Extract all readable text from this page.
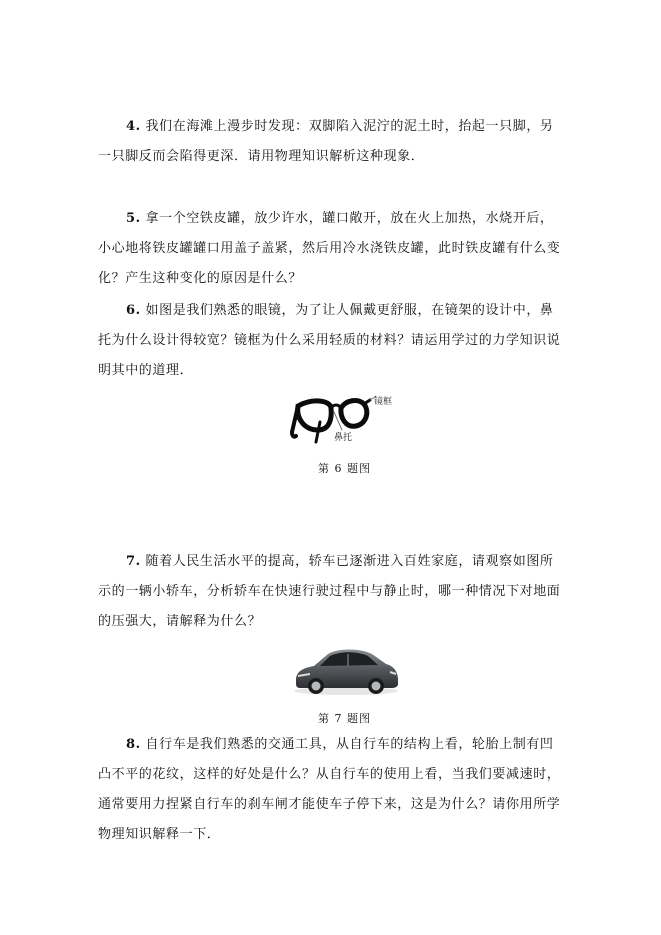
4. 我们在海滩上漫步时发现：双脚陷入泥泞的泥土时，抬起一只脚，另一只脚反而会陷得更深．请用物理知识解析这种现象．

5. 拿一个空铁皮罐，放少许水，罐口敞开，放在火上加热，水烧开后，小心地将铁皮罐罐口用盖子盖紧，然后用冷水浇铁皮罐，此时铁皮罐有什么变化？产生这种变化的原因是什么？

6. 如图是我们熟悉的眼镜，为了让人佩戴更舒服，在镜架的设计中，鼻托为什么设计得较宽？镜框为什么采用轻质的材料？请运用学过的力学知识说明其中的道理．

镜框
鼻托
第 6 题图

7. 随着人民生活水平的提高，轿车已逐渐进入百姓家庭，请观察如图所示的一辆小轿车，分析轿车在快速行驶过程中与静止时，哪一种情况下对地面的压强大，请解释为什么？

第 7 题图

8. 自行车是我们熟悉的交通工具，从自行车的结构上看，轮胎上制有凹凸不平的花纹，这样的好处是什么？从自行车的使用上看，当我们要减速时，通常要用力捏紧自行车的刹车闸才能使车子停下来，这是为什么？请你用所学物理知识解释一下．
